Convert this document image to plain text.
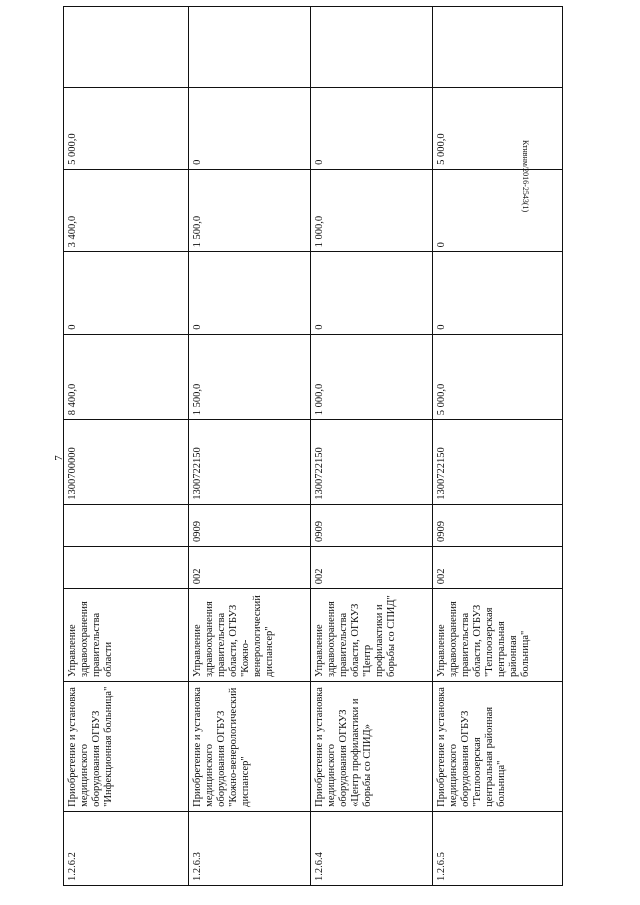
7
Ктнвнм/2016-2543(1)
1.2.6.2	Приобретение и установка медицинского оборудования ОГБУЗ "Инфекционная больница"	Управление здравоохранения правительства области			1300700000	8 400,0	0	3 400,0	5 000,0	
1.2.6.3	Приобретение и установка медицинского оборудования ОГБУЗ "Кожно-венерологический диспансер"	Управление здравоохранения правительства области, ОГБУЗ "Кожно-венерологический диспансер"	002	0909	1300722150	1 500,0	0	1 500,0	0	
1.2.6.4	Приобретение и установка медицинского оборудования ОГКУЗ «Центр профилактики и борьбы со СПИД»	Управление здравоохранения правительства области, ОГКУЗ "Центр профилактики и борьбы со СПИД"	002	0909	1300722150	1 000,0	0	1 000,0	0	
1.2.6.5	Приобретение и установка медицинского оборудования ОГБУЗ "Теплоозерская центральная районная больница"	Управление здравоохранения правительства области, ОГБУЗ "Теплоозерская центральная районная больница"	002	0909	1300722150	5 000,0	0	0	5 000,0	
